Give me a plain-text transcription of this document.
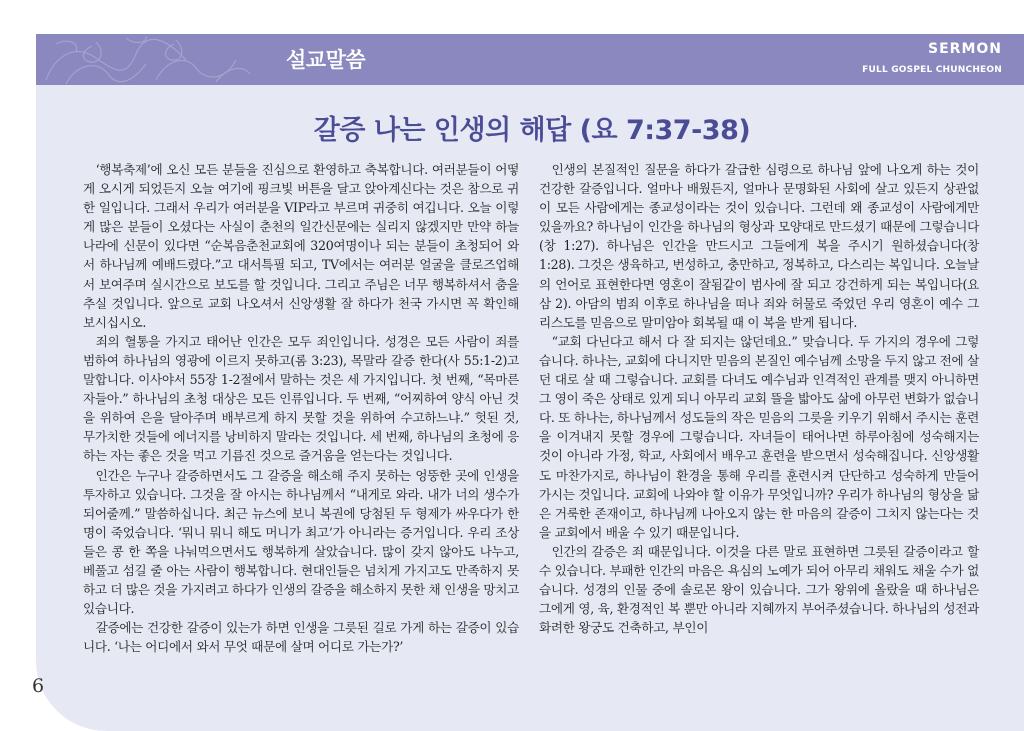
설교말씀	SERMON
FULL GOSPEL CHUNCHEON
갈증 나는 인생의 해답 (요 7:37-38)

‘행복축제’에 오신 모든 분들을 진심으로 환영하고 축복합니다. 여러분들이 어떻게 오시게 되었든지 오늘 여기에 핑크빛 버튼을 달고 앉아계신다는 것은 참으로 귀한 일입니다. 그래서 우리가 여러분을 VIP라고 부르며 귀중히 여깁니다. 오늘 이렇게 많은 분들이 오셨다는 사실이 춘천의 일간신문에는 실리지 않겠지만 만약 하늘나라에 신문이 있다면 “순복음춘천교회에 320여명이나 되는 분들이 초청되어 와서 하나님께 예배드렸다.”고 대서특필 되고, TV에서는 여러분 얼굴을 클로즈업해서 보여주며 실시간으로 보도를 할 것입니다. 그리고 주님은 너무 행복하셔서 춤을 추실 것입니다. 앞으로 교회 나오셔서 신앙생활 잘 하다가 천국 가시면 꼭 확인해 보시십시오.

죄의 혈통을 가지고 태어난 인간은 모두 죄인입니다. 성경은 모든 사람이 죄를 범하여 하나님의 영광에 이르지 못하고(롬 3:23), 목말라 갈증 한다(사 55:1-2)고 말합니다. 이사야서 55장 1-2절에서 말하는 것은 세 가지입니다. 첫 번째, “목마른 자들아.” 하나님의 초청 대상은 모든 인류입니다. 두 번째, “어찌하여 양식 아닌 것을 위하여 은을 달아주며 배부르게 하지 못할 것을 위하여 수고하느냐.” 헛된 것, 무가치한 것들에 에너지를 낭비하지 말라는 것입니다. 세 번째, 하나님의 초청에 응하는 자는 좋은 것을 먹고 기름진 것으로 즐거움을 얻는다는 것입니다.

인간은 누구나 갈증하면서도 그 갈증을 해소해 주지 못하는 엉뚱한 곳에 인생을 투자하고 있습니다. 그것을 잘 아시는 하나님께서 “내게로 와라. 내가 너의 생수가 되어줄께.” 말씀하십니다. 최근 뉴스에 보니 복권에 당첨된 두 형제가 싸우다가 한 명이 죽었습니다. ‘뭐니 뭐니 해도 머니가 최고’가 아니라는 증거입니다. 우리 조상들은 콩 한 쪽을 나눠먹으면서도 행복하게 살았습니다. 많이 갖지 않아도 나누고, 베풀고 섬길 줄 아는 사람이 행복합니다. 현대인들은 넘치게 가지고도 만족하지 못하고 더 많은 것을 가지려고 하다가 인생의 갈증을 해소하지 못한 채 인생을 망치고 있습니다.

갈증에는 건강한 갈증이 있는가 하면 인생을 그릇된 길로 가게 하는 갈증이 있습니다. ‘나는 어디에서 와서 무엇 때문에 살며 어디로 가는가?’

인생의 본질적인 질문을 하다가 갈급한 심령으로 하나님 앞에 나오게 하는 것이 건강한 갈증입니다. 얼마나 배웠든지, 얼마나 문명화된 사회에 살고 있든지 상관없이 모든 사람에게는 종교성이라는 것이 있습니다. 그런데 왜 종교성이 사람에게만 있을까요? 하나님이 인간을 하나님의 형상과 모양대로 만드셨기 때문에 그렇습니다(창 1:27). 하나님은 인간을 만드시고 그들에게 복을 주시기 원하셨습니다(창 1:28). 그것은 생육하고, 번성하고, 충만하고, 정복하고, 다스리는 복입니다. 오늘날의 언어로 표현한다면 영혼이 잘됨같이 범사에 잘 되고 강건하게 되는 복입니다(요삼 2). 아담의 범죄 이후로 하나님을 떠나 죄와 허물로 죽었던 우리 영혼이 예수 그리스도를 믿음으로 말미암아 회복될 때 이 복을 받게 됩니다.

“교회 다닌다고 해서 다 잘 되지는 않던데요.” 맞습니다. 두 가지의 경우에 그렇습니다. 하나는, 교회에 다니지만 믿음의 본질인 예수님께 소망을 두지 않고 전에 살던 대로 살 때 그렇습니다. 교회를 다녀도 예수님과 인격적인 관계를 맺지 아니하면 그 영이 죽은 상태로 있게 되니 아무리 교회 뜰을 밟아도 삶에 아무런 변화가 없습니다. 또 하나는, 하나님께서 성도들의 작은 믿음의 그릇을 키우기 위해서 주시는 훈련을 이겨내지 못할 경우에 그렇습니다. 자녀들이 태어나면 하루아침에 성숙해지는 것이 아니라 가정, 학교, 사회에서 배우고 훈련을 받으면서 성숙해집니다. 신앙생활도 마찬가지로, 하나님이 환경을 통해 우리를 훈련시켜 단단하고 성숙하게 만들어 가시는 것입니다. 교회에 나와야 할 이유가 무엇입니까? 우리가 하나님의 형상을 닮은 거룩한 존재이고, 하나님께 나아오지 않는 한 마음의 갈증이 그치지 않는다는 것을 교회에서 배울 수 있기 때문입니다.

인간의 갈증은 죄 때문입니다. 이것을 다른 말로 표현하면 그릇된 갈증이라고 할 수 있습니다. 부패한 인간의 마음은 욕심의 노예가 되어 아무리 채워도 채울 수가 없습니다. 성경의 인물 중에 솔로몬 왕이 있습니다. 그가 왕위에 올랐을 때 하나님은 그에게 영, 육, 환경적인 복 뿐만 아니라 지혜까지 부어주셨습니다. 하나님의 성전과 화려한 왕궁도 건축하고, 부인이

6
